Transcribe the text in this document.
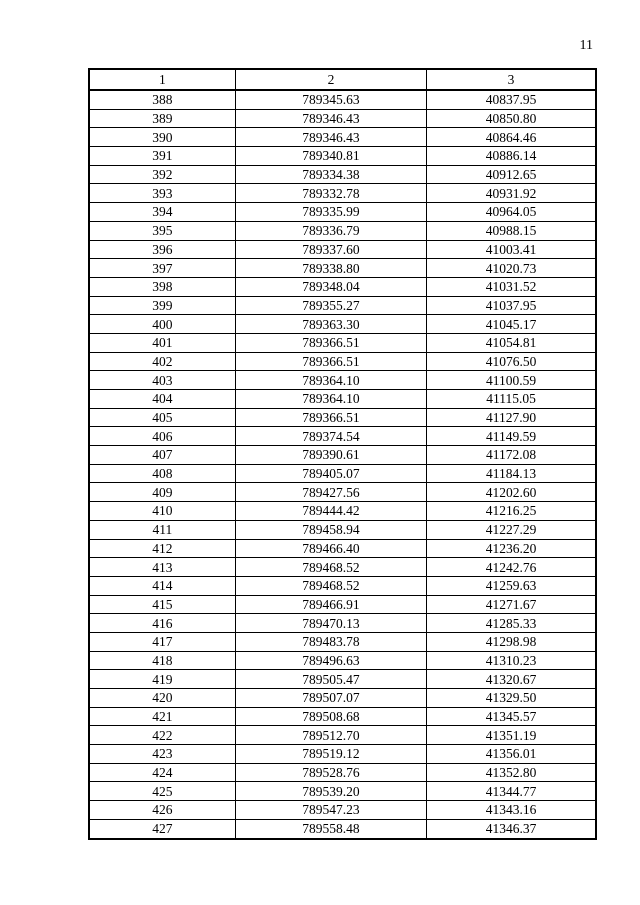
11
1	2	3
388	789345.63	40837.95
389	789346.43	40850.80
390	789346.43	40864.46
391	789340.81	40886.14
392	789334.38	40912.65
393	789332.78	40931.92
394	789335.99	40964.05
395	789336.79	40988.15
396	789337.60	41003.41
397	789338.80	41020.73
398	789348.04	41031.52
399	789355.27	41037.95
400	789363.30	41045.17
401	789366.51	41054.81
402	789366.51	41076.50
403	789364.10	41100.59
404	789364.10	41115.05
405	789366.51	41127.90
406	789374.54	41149.59
407	789390.61	41172.08
408	789405.07	41184.13
409	789427.56	41202.60
410	789444.42	41216.25
411	789458.94	41227.29
412	789466.40	41236.20
413	789468.52	41242.76
414	789468.52	41259.63
415	789466.91	41271.67
416	789470.13	41285.33
417	789483.78	41298.98
418	789496.63	41310.23
419	789505.47	41320.67
420	789507.07	41329.50
421	789508.68	41345.57
422	789512.70	41351.19
423	789519.12	41356.01
424	789528.76	41352.80
425	789539.20	41344.77
426	789547.23	41343.16
427	789558.48	41346.37
